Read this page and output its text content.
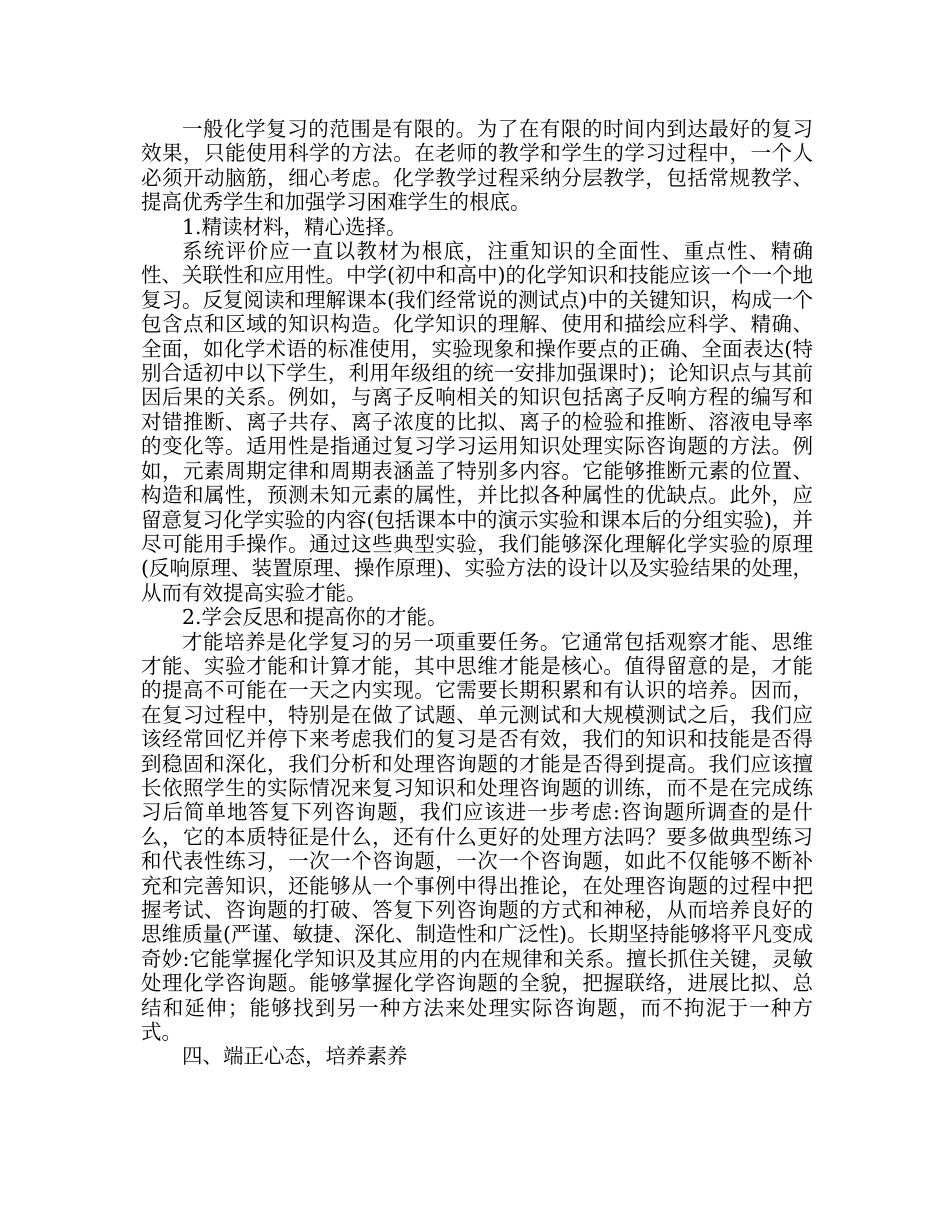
一般化学复习的范围是有限的。为了在有限的时间内到达最好的复习效果，只能使用科学的方法。在老师的教学和学生的学习过程中，一个人必须开动脑筋，细心考虑。化学教学过程采纳分层教学，包括常规教学、提高优秀学生和加强学习困难学生的根底。

1.精读材料，精心选择。

系统评价应一直以教材为根底，注重知识的全面性、重点性、精确性、关联性和应用性。中学(初中和高中)的化学知识和技能应该一个一个地复习。反复阅读和理解课本(我们经常说的测试点)中的关键知识，构成一个包含点和区域的知识构造。化学知识的理解、使用和描绘应科学、精确、全面，如化学术语的标准使用，实验现象和操作要点的正确、全面表达(特别合适初中以下学生，利用年级组的统一安排加强课时)；论知识点与其前因后果的关系。例如，与离子反响相关的知识包括离子反响方程的编写和对错推断、离子共存、离子浓度的比拟、离子的检验和推断、溶液电导率的变化等。适用性是指通过复习学习运用知识处理实际咨询题的方法。例如，元素周期定律和周期表涵盖了特别多内容。它能够推断元素的位置、构造和属性，预测未知元素的属性，并比拟各种属性的优缺点。此外，应留意复习化学实验的内容(包括课本中的演示实验和课本后的分组实验)，并尽可能用手操作。通过这些典型实验，我们能够深化理解化学实验的原理(反响原理、装置原理、操作原理)、实验方法的设计以及实验结果的处理，从而有效提高实验才能。

2.学会反思和提高你的才能。

才能培养是化学复习的另一项重要任务。它通常包括观察才能、思维才能、实验才能和计算才能，其中思维才能是核心。值得留意的是，才能的提高不可能在一天之内实现。它需要长期积累和有认识的培养。因而，在复习过程中，特别是在做了试题、单元测试和大规模测试之后，我们应该经常回忆并停下来考虑我们的复习是否有效，我们的知识和技能是否得到稳固和深化，我们分析和处理咨询题的才能是否得到提高。我们应该擅长依照学生的实际情况来复习知识和处理咨询题的训练，而不是在完成练习后简单地答复下列咨询题，我们应该进一步考虑:咨询题所调查的是什么，它的本质特征是什么，还有什么更好的处理方法吗？要多做典型练习和代表性练习，一次一个咨询题，一次一个咨询题，如此不仅能够不断补充和完善知识，还能够从一个事例中得出推论，在处理咨询题的过程中把握考试、咨询题的打破、答复下列咨询题的方式和神秘，从而培养良好的思维质量(严谨、敏捷、深化、制造性和广泛性)。长期坚持能够将平凡变成奇妙:它能掌握化学知识及其应用的内在规律和关系。擅长抓住关键，灵敏处理化学咨询题。能够掌握化学咨询题的全貌，把握联络，进展比拟、总结和延伸；能够找到另一种方法来处理实际咨询题，而不拘泥于一种方式。

四、端正心态，培养素养
